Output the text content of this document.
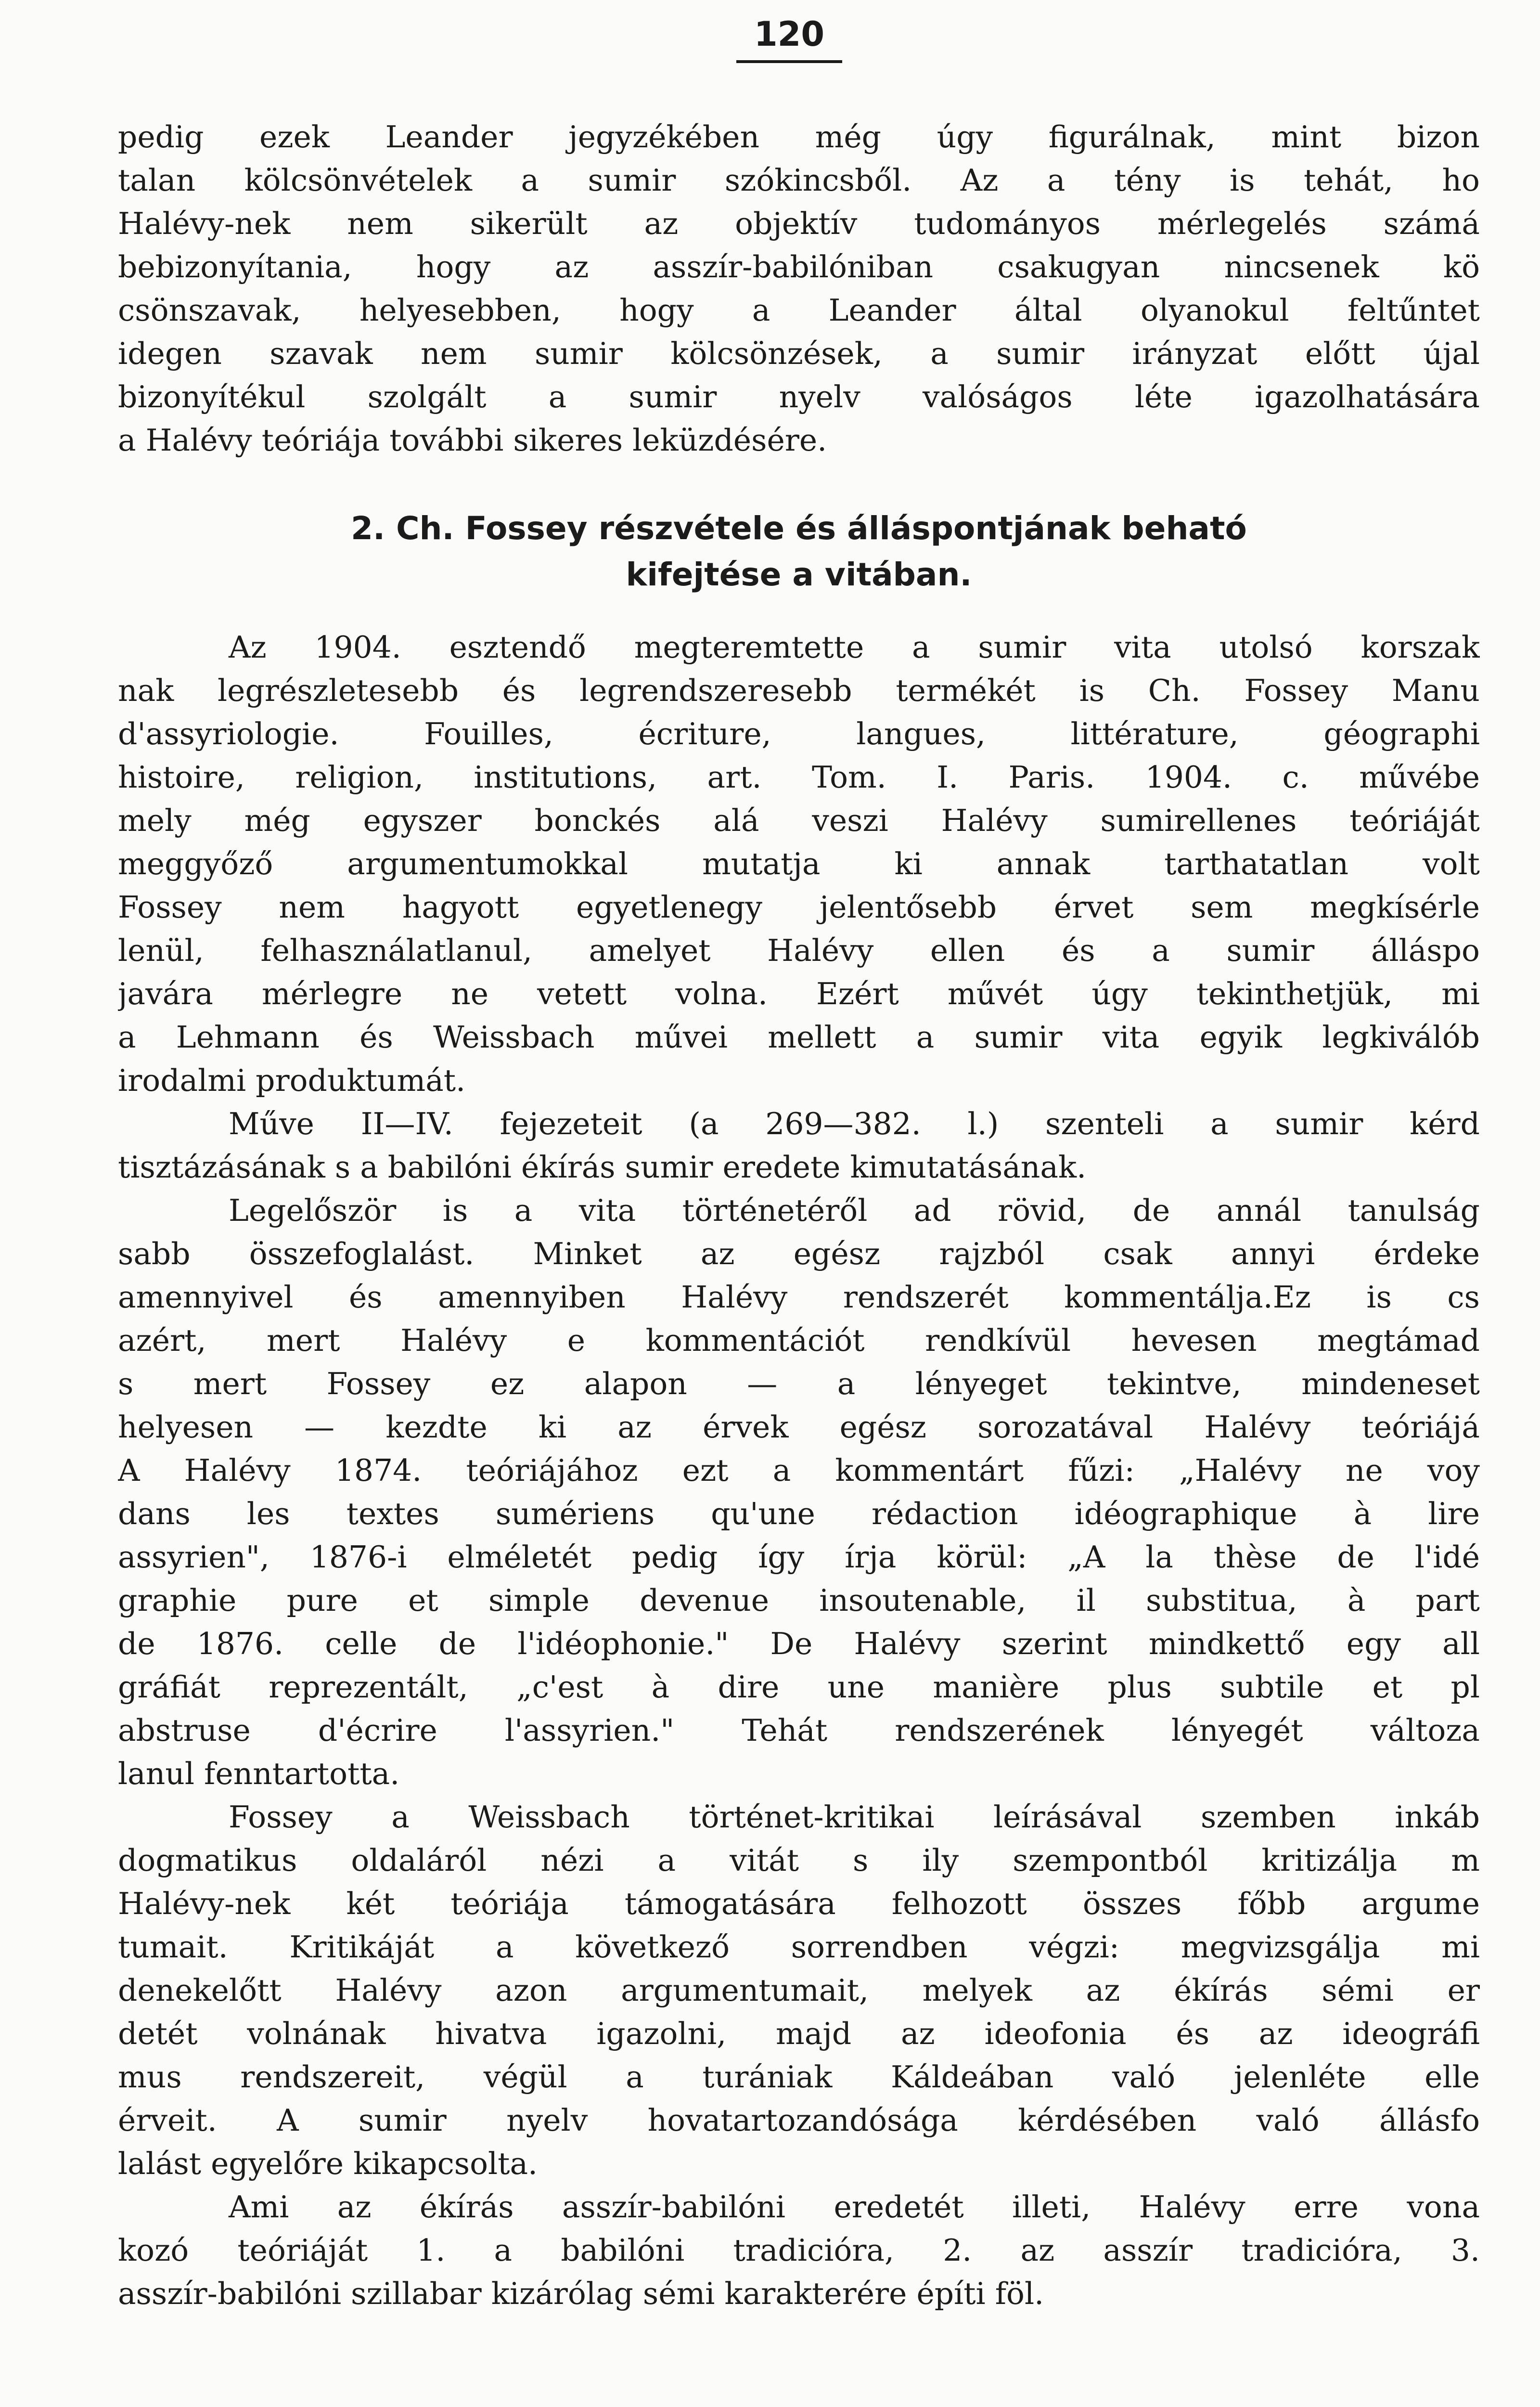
120
pedig ezek Leander jegyzékében még úgy figurálnak, mint bizon
talan kölcsönvételek a sumir szókincsből. Az a tény is tehát, ho
Halévy-nek nem sikerült az objektív tudományos mérlegelés számá
bebizonyítania, hogy az asszír-babilóniban csakugyan nincsenek kö
csönszavak, helyesebben, hogy a Leander által olyanokul feltűntet
idegen szavak nem sumir kölcsönzések, a sumir irányzat előtt újal
bizonyítékul szolgált a sumir nyelv valóságos léte igazolhatására
a Halévy teóriája további sikeres leküzdésére.
2. Ch. Fossey részvétele és álláspontjának beható
kifejtése a vitában.
Az 1904. esztendő megteremtette a sumir vita utolsó korszak
nak legrészletesebb és legrendszeresebb termékét is Ch. Fossey Manu
d'assyriologie. Fouilles, écriture, langues, littérature, géographi
histoire, religion, institutions, art. Tom. I. Paris. 1904. c. művébe
mely még egyszer bonckés alá veszi Halévy sumirellenes teóriáját
meggyőző argumentumokkal mutatja ki annak tarthatatlan volt
Fossey nem hagyott egyetlenegy jelentősebb érvet sem megkísérle
lenül, felhasználatlanul, amelyet Halévy ellen és a sumir álláspo
javára mérlegre ne vetett volna. Ezért művét úgy tekinthetjük, mi
a Lehmann és Weissbach művei mellett a sumir vita egyik legkiválób
irodalmi produktumát.
Műve II—IV. fejezeteit (a 269—382. l.) szenteli a sumir kérd
tisztázásának s a babilóni ékírás sumir eredete kimutatásának.
Legelőször is a vita történetéről ad rövid, de annál tanulság
sabb összefoglalást. Minket az egész rajzból csak annyi érdeke
amennyivel és amennyiben Halévy rendszerét kommentálja.Ez is cs
azért, mert Halévy e kommentációt rendkívül hevesen megtámad
s mert Fossey ez alapon — a lényeget tekintve, mindeneset
helyesen — kezdte ki az érvek egész sorozatával Halévy teóriájá
A Halévy 1874. teóriájához ezt a kommentárt fűzi: „Halévy ne voy
dans les textes sumériens qu'une rédaction idéographique à lire
assyrien", 1876-i elméletét pedig így írja körül: „A la thèse de l'idé
graphie pure et simple devenue insoutenable, il substitua, à part
de 1876. celle de l'idéophonie." De Halévy szerint mindkettő egy all
gráfiát reprezentált, „c'est à dire une manière plus subtile et pl
abstruse d'écrire l'assyrien." Tehát rendszerének lényegét változa
lanul fenntartotta.
Fossey a Weissbach történet-kritikai leírásával szemben inkáb
dogmatikus oldaláról nézi a vitát s ily szempontból kritizálja m
Halévy-nek két teóriája támogatására felhozott összes főbb argume
tumait. Kritikáját a következő sorrendben végzi: megvizsgálja mi
denekelőtt Halévy azon argumentumait, melyek az ékírás sémi er
detét volnának hivatva igazolni, majd az ideofonia és az ideográfi
mus rendszereit, végül a turániak Káldeában való jelenléte elle
érveit. A sumir nyelv hovatartozandósága kérdésében való állásfo
lalást egyelőre kikapcsolta.
Ami az ékírás asszír-babilóni eredetét illeti, Halévy erre vona
kozó teóriáját 1. a babilóni tradicióra, 2. az asszír tradicióra, 3.
asszír-babilóni szillabar kizárólag sémi karakterére építi föl.
